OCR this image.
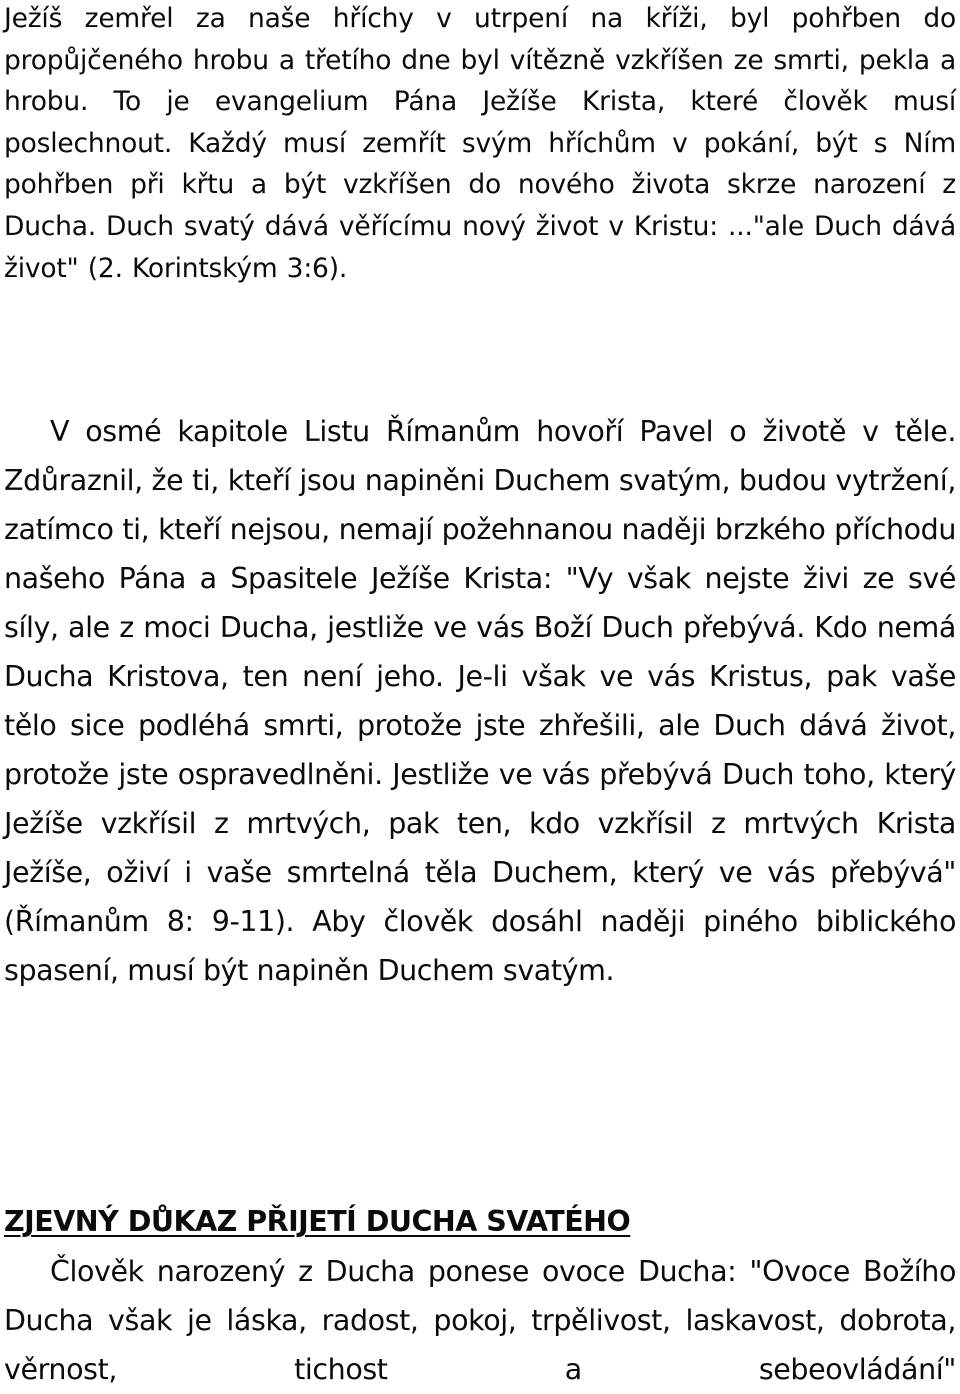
Ježíš zemřel za naše hříchy v utrpení na kříži, byl pohřben do propůjčeného hrobu a třetího dne byl vítězně vzkříšen ze smrti, pekla a hrobu. To je evangelium Pána Ježíše Krista, které člověk musí poslechnout. Každý musí zemřít svým hříchům v pokání, být s Ním pohřben při křtu a být vzkříšen do nového života skrze narození z Ducha. Duch svatý dává věřícímu nový život v Kristu: ..."ale Duch dává život" (2. Korintským 3:6).

V osmé kapitole Listu Římanům hovoří Pavel o životě v těle. Zdůraznil, že ti, kteří jsou napiněni Duchem svatým, budou vytržení, zatímco ti, kteří nejsou, nemají požehnanou naději brzkého příchodu našeho Pána a Spasitele Ježíše Krista: "Vy však nejste živi ze své síly, ale z moci Ducha, jestliže ve vás Boží Duch přebývá. Kdo nemá Ducha Kristova, ten není jeho. Je-li však ve vás Kristus, pak vaše tělo sice podléhá smrti, protože jste zhřešili, ale Duch dává život, protože jste ospravedlněni. Jestliže ve vás přebývá Duch toho, který Ježíše vzkřísil z mrtvých, pak ten, kdo vzkřísil z mrtvých Krista Ježíše, oživí i vaše smrtelná těla Duchem, který ve vás přebývá" (Římanům 8: 9-11). Aby člověk dosáhl naději piného biblického spasení, musí být napiněn Duchem svatým.

ZJEVNÝ DŮKAZ PŘIJETÍ DUCHA SVATÉHO

Člověk narozený z Ducha ponese ovoce Ducha: "Ovoce Božího Ducha však je láska, radost, pokoj, trpělivost, laskavost, dobrota, věrnost, tichost a sebeovládání"
